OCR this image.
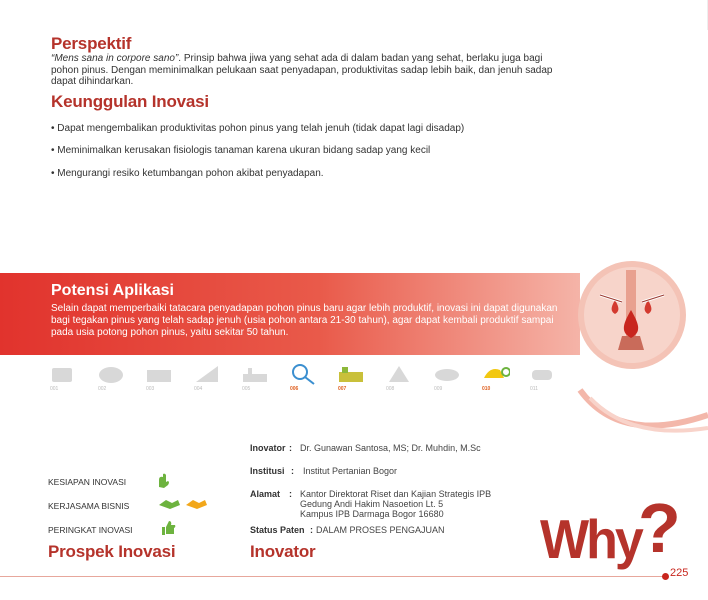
Perspektif
“Mens sana in corpore sano”. Prinsip bahwa jiwa yang sehat ada di dalam badan yang sehat, berlaku juga bagi
pohon pinus. Dengan meminimalkan pelukaan saat penyadapan, produktivitas sadap lebih baik, dan jenuh sadap
dapat dihindarkan.
Keunggulan Inovasi
• Dapat mengembalikan produktivitas pohon pinus yang telah jenuh (tidak dapat lagi disadap)
• Meminimalkan kerusakan fisiologis tanaman karena ukuran bidang sadap yang kecil
• Mengurangi resiko ketumbangan pohon akibat penyadapan.
Potensi Aplikasi
Selain dapat memperbaiki tatacara penyadapan pohon pinus baru agar lebih produktif, inovasi ini dapat digunakan
bagi tegakan pinus yang telah sadap jenuh (usia pohon antara 21-30 tahun), agar dapat kembali produktif sampai
pada usia potong pohon pinus, yaitu sekitar 50 tahun.
001	002	003	004	005	006	007	008	009	010	011
Inovator : Dr. Gunawan Santosa, MS; Dr. Muhdin, M.Sc
Institusi : Institut Pertanian Bogor
Alamat : Kantor Direktorat Riset dan Kajian Strategis IPB
Gedung Andi Hakim Nasoetion Lt. 5
Kampus IPB Darmaga Bogor 16680
Status Paten : DALAM PROSES PENGAJUAN
Inovator
KESIAPAN INOVASI
KERJASAMA BISNIS
PERINGKAT INOVASI
Prospek Inovasi	Why
?
225
